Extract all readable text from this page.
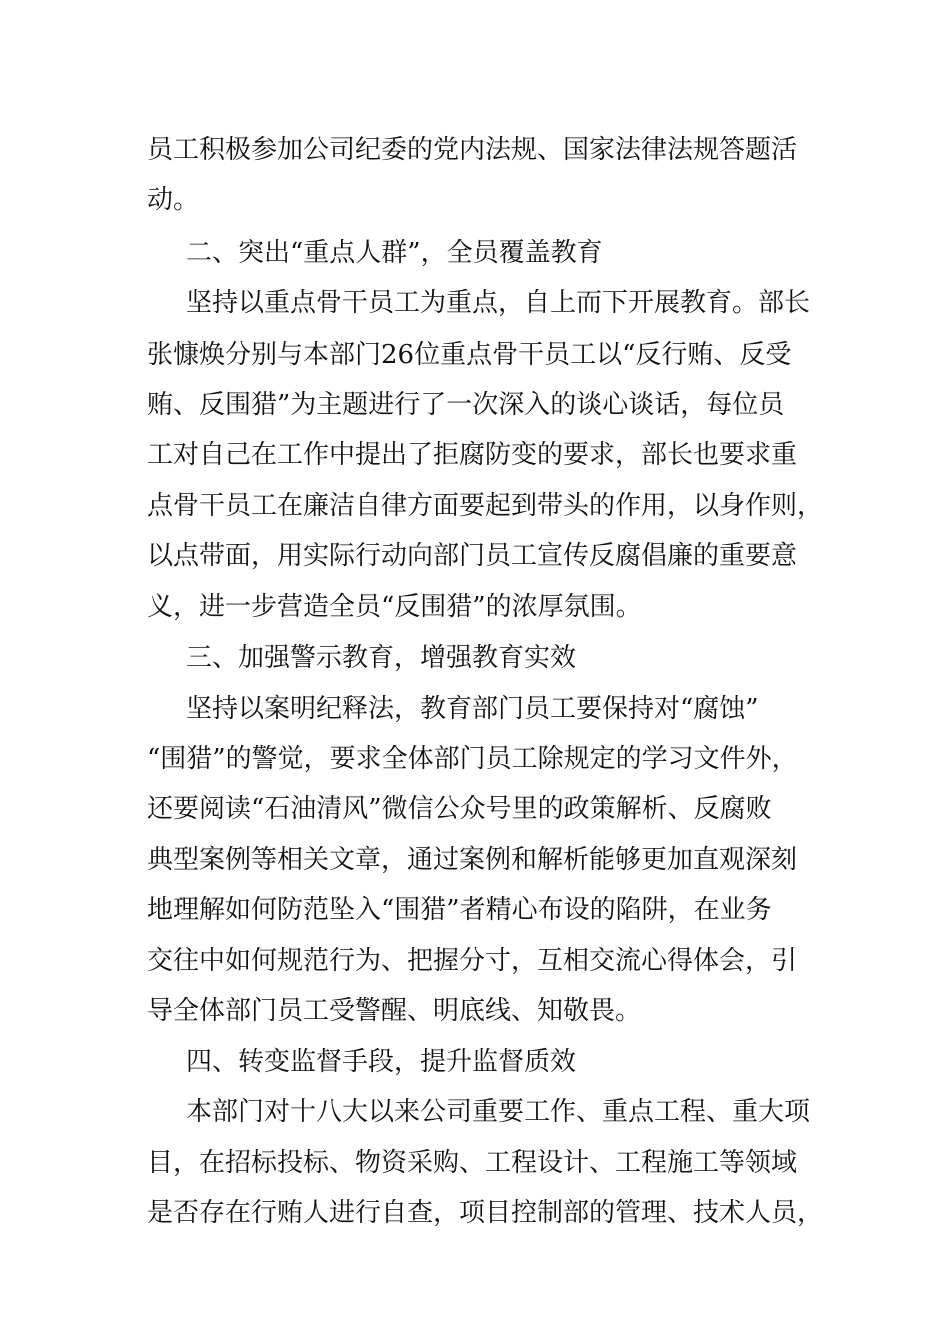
员工积极参加公司纪委的党内法规、国家法律法规答题活
动。
二、突出“重点人群”，全员覆盖教育
坚持以重点骨干员工为重点，自上而下开展教育。部长
张慷焕分别与本部门26位重点骨干员工以“反行贿、反受
贿、反围猎”为主题进行了一次深入的谈心谈话，每位员
工对自己在工作中提出了拒腐防变的要求，部长也要求重
点骨干员工在廉洁自律方面要起到带头的作用，以身作则，
以点带面，用实际行动向部门员工宣传反腐倡廉的重要意
义，进一步营造全员“反围猎”的浓厚氛围。
三、加强警示教育，增强教育实效
坚持以案明纪释法，教育部门员工要保持对“腐蚀”
“围猎”的警觉，要求全体部门员工除规定的学习文件外，
还要阅读“石油清风”微信公众号里的政策解析、反腐败
典型案例等相关文章，通过案例和解析能够更加直观深刻
地理解如何防范坠入“围猎”者精心布设的陷阱，在业务
交往中如何规范行为、把握分寸，互相交流心得体会，引
导全体部门员工受警醒、明底线、知敬畏。
四、转变监督手段，提升监督质效
本部门对十八大以来公司重要工作、重点工程、重大项
目，在招标投标、物资采购、工程设计、工程施工等领域
是否存在行贿人进行自查，项目控制部的管理、技术人员，
